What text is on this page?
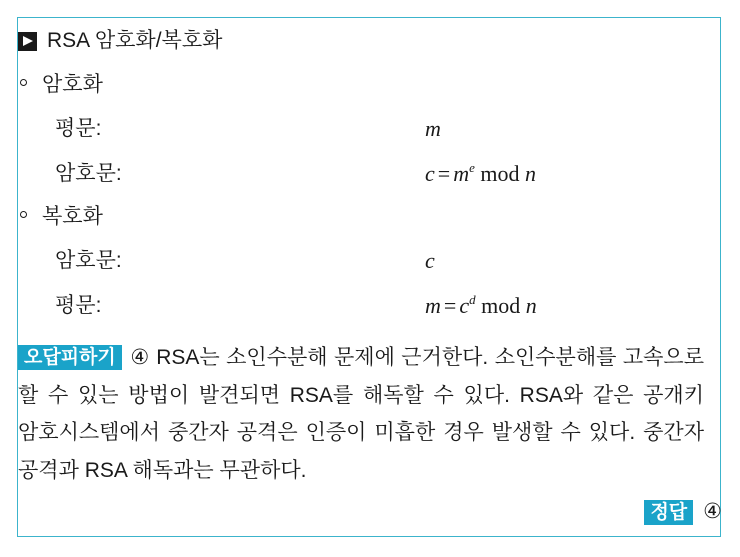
RSA 암호화/복호화
암호화
평문:	m
암호문:	$c = m^e$ mod n
복호화
암호문:	c
평문:	$m = c^d$ mod n
오답피하기 ④ RSA는 소인수분해 문제에 근거한다. 소인수분해를 고속으로 할 수 있는 방법이 발견되면 RSA를 해독할 수 있다. RSA와 같은 공개키 암호시스템에서 중간자 공격은 인증이 미흡한 경우 발생할 수 있다. 중간자 공격과 RSA 해독과는 무관하다.
정답 ④
